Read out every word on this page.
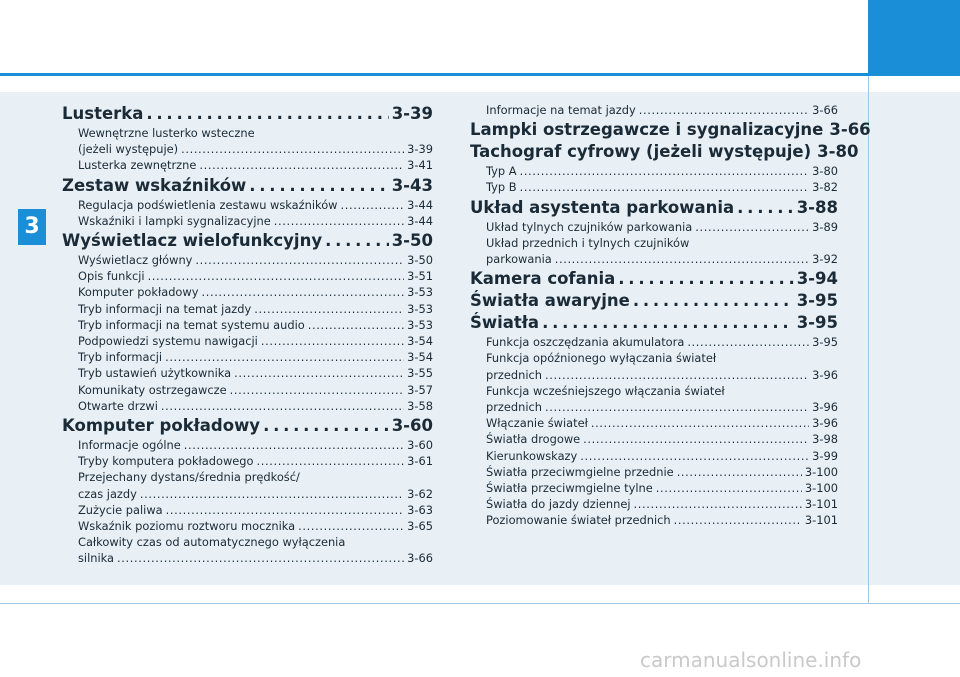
3
Lusterka . . .	3-39
Wewnętrzne lusterko wsteczne
(jeżeli występuje) . . .	3-39
Lusterka zewnętrzne . . .	3-41
Zestaw wskaźników . . .	3-43
Regulacja podświetlenia zestawu wskaźników . . .	3-44
Wskaźniki i lampki sygnalizacyjne . . .	3-44
Wyświetlacz wielofunkcyjny . . .	3-50
Wyświetlacz główny . . .	3-50
Opis funkcji . . .	3-51
Komputer pokładowy . . .	3-53
Tryb informacji na temat jazdy . . .	3-53
Tryb informacji na temat systemu audio . . .	3-53
Podpowiedzi systemu nawigacji . . .	3-54
Tryb informacji . . .	3-54
Tryb ustawień użytkownika . . .	3-55
Komunikaty ostrzegawcze . . .	3-57
Otwarte drzwi . . .	3-58
Komputer pokładowy . . .	3-60
Informacje ogólne . . .	3-60
Tryby komputera pokładowego . . .	3-61
Przejechany dystans/średnia prędkość/
czas jazdy . . .	3-62
Zużycie paliwa . . .	3-63
Wskaźnik poziomu roztworu mocznika . . .	3-65
Całkowity czas od automatycznego wyłączenia
silnika . . .	3-66
Informacje na temat jazdy . . .	3-66
Lampki ostrzegawcze i sygnalizacyjne 3-66
Tachograf cyfrowy (jeżeli występuje) 3-80
Typ A . . .	3-80
Typ B . . .	3-82
Układ asystenta parkowania . . .	3-88
Układ tylnych czujników parkowania . . .	3-89
Układ przednich i tylnych czujników
parkowania . . .	3-92
Kamera cofania . . .	3-94
Światła awaryjne . . .	3-95
Światła . . .	3-95
Funkcja oszczędzania akumulatora . . .	3-95
Funkcja opóźnionego wyłączania świateł
przednich . . .	3-96
Funkcja wcześniejszego włączania świateł
przednich . . .	3-96
Włączanie świateł . . .	3-96
Światła drogowe . . .	3-98
Kierunkowskazy . . .	3-99
Światła przeciwmgielne przednie . . .	3-100
Światła przeciwmgielne tylne . . .	3-100
Światła do jazdy dziennej . . .	3-101
Poziomowanie świateł przednich . . .	3-101
carmanualsonline.info
